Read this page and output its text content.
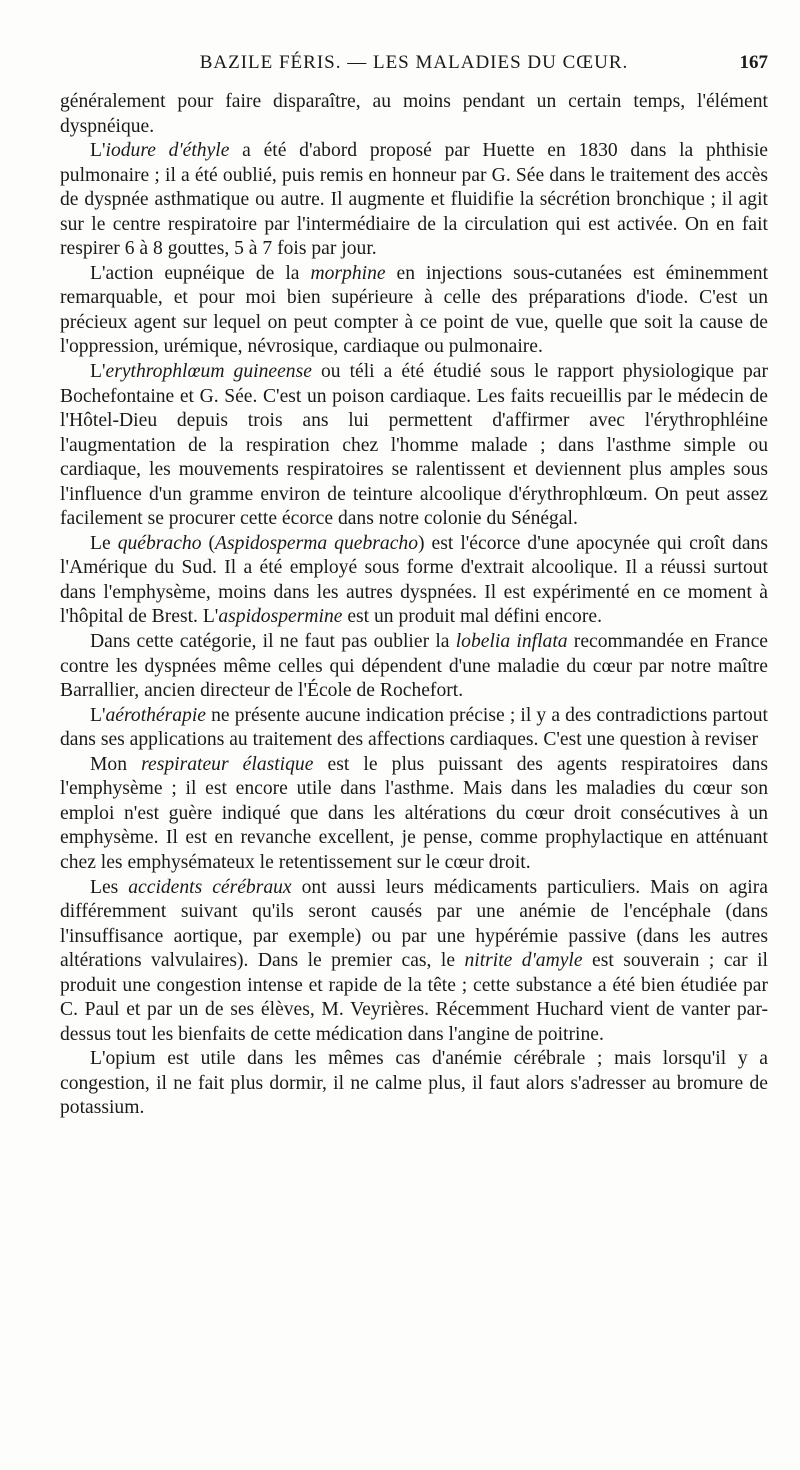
BAZILE FÉRIS. — LES MALADIES DU CŒUR.	167

généralement pour faire disparaître, au moins pendant un certain temps, l'élément dyspnéique.

L'iodure d'éthyle a été d'abord proposé par Huette en 1830 dans la phthisie pulmonaire ; il a été oublié, puis remis en honneur par G. Sée dans le traitement des accès de dyspnée asthmatique ou autre. Il augmente et fluidifie la sécrétion bronchique ; il agit sur le centre respiratoire par l'intermédiaire de la circulation qui est activée. On en fait respirer 6 à 8 gouttes, 5 à 7 fois par jour.

L'action eupnéique de la morphine en injections sous-cutanées est éminemment remarquable, et pour moi bien supérieure à celle des préparations d'iode. C'est un précieux agent sur lequel on peut compter à ce point de vue, quelle que soit la cause de l'oppression, urémique, névrosique, cardiaque ou pulmonaire.

L'erythrophlœum guineense ou téli a été étudié sous le rapport physiologique par Bochefontaine et G. Sée. C'est un poison cardiaque. Les faits recueillis par le médecin de l'Hôtel-Dieu depuis trois ans lui permettent d'affirmer avec l'érythrophléine l'augmentation de la respiration chez l'homme malade ; dans l'asthme simple ou cardiaque, les mouvements respiratoires se ralentissent et deviennent plus amples sous l'influence d'un gramme environ de teinture alcoolique d'érythrophlœum. On peut assez facilement se procurer cette écorce dans notre colonie du Sénégal.

Le québracho (Aspidosperma quebracho) est l'écorce d'une apocynée qui croît dans l'Amérique du Sud. Il a été employé sous forme d'extrait alcoolique. Il a réussi surtout dans l'emphysème, moins dans les autres dyspnées. Il est expérimenté en ce moment à l'hôpital de Brest. L'aspidospermine est un produit mal défini encore.

Dans cette catégorie, il ne faut pas oublier la lobelia inflata recommandée en France contre les dyspnées même celles qui dépendent d'une maladie du cœur par notre maître Barrallier, ancien directeur de l'École de Rochefort.

L'aérothérapie ne présente aucune indication précise ; il y a des contradictions partout dans ses applications au traitement des affections cardiaques. C'est une question à reviser

Mon respirateur élastique est le plus puissant des agents respiratoires dans l'emphysème ; il est encore utile dans l'asthme. Mais dans les maladies du cœur son emploi n'est guère indiqué que dans les altérations du cœur droit consécutives à un emphysème. Il est en revanche excellent, je pense, comme prophylactique en atténuant chez les emphysémateux le retentissement sur le cœur droit.

Les accidents cérébraux ont aussi leurs médicaments particuliers. Mais on agira différemment suivant qu'ils seront causés par une anémie de l'encéphale (dans l'insuffisance aortique, par exemple) ou par une hypérémie passive (dans les autres altérations valvulaires). Dans le premier cas, le nitrite d'amyle est souverain ; car il produit une congestion intense et rapide de la tête ; cette substance a été bien étudiée par C. Paul et par un de ses élèves, M. Veyrières. Récemment Huchard vient de vanter par-dessus tout les bienfaits de cette médication dans l'angine de poitrine.

L'opium est utile dans les mêmes cas d'anémie cérébrale ; mais lorsqu'il y a congestion, il ne fait plus dormir, il ne calme plus, il faut alors s'adresser au bromure de potassium.
